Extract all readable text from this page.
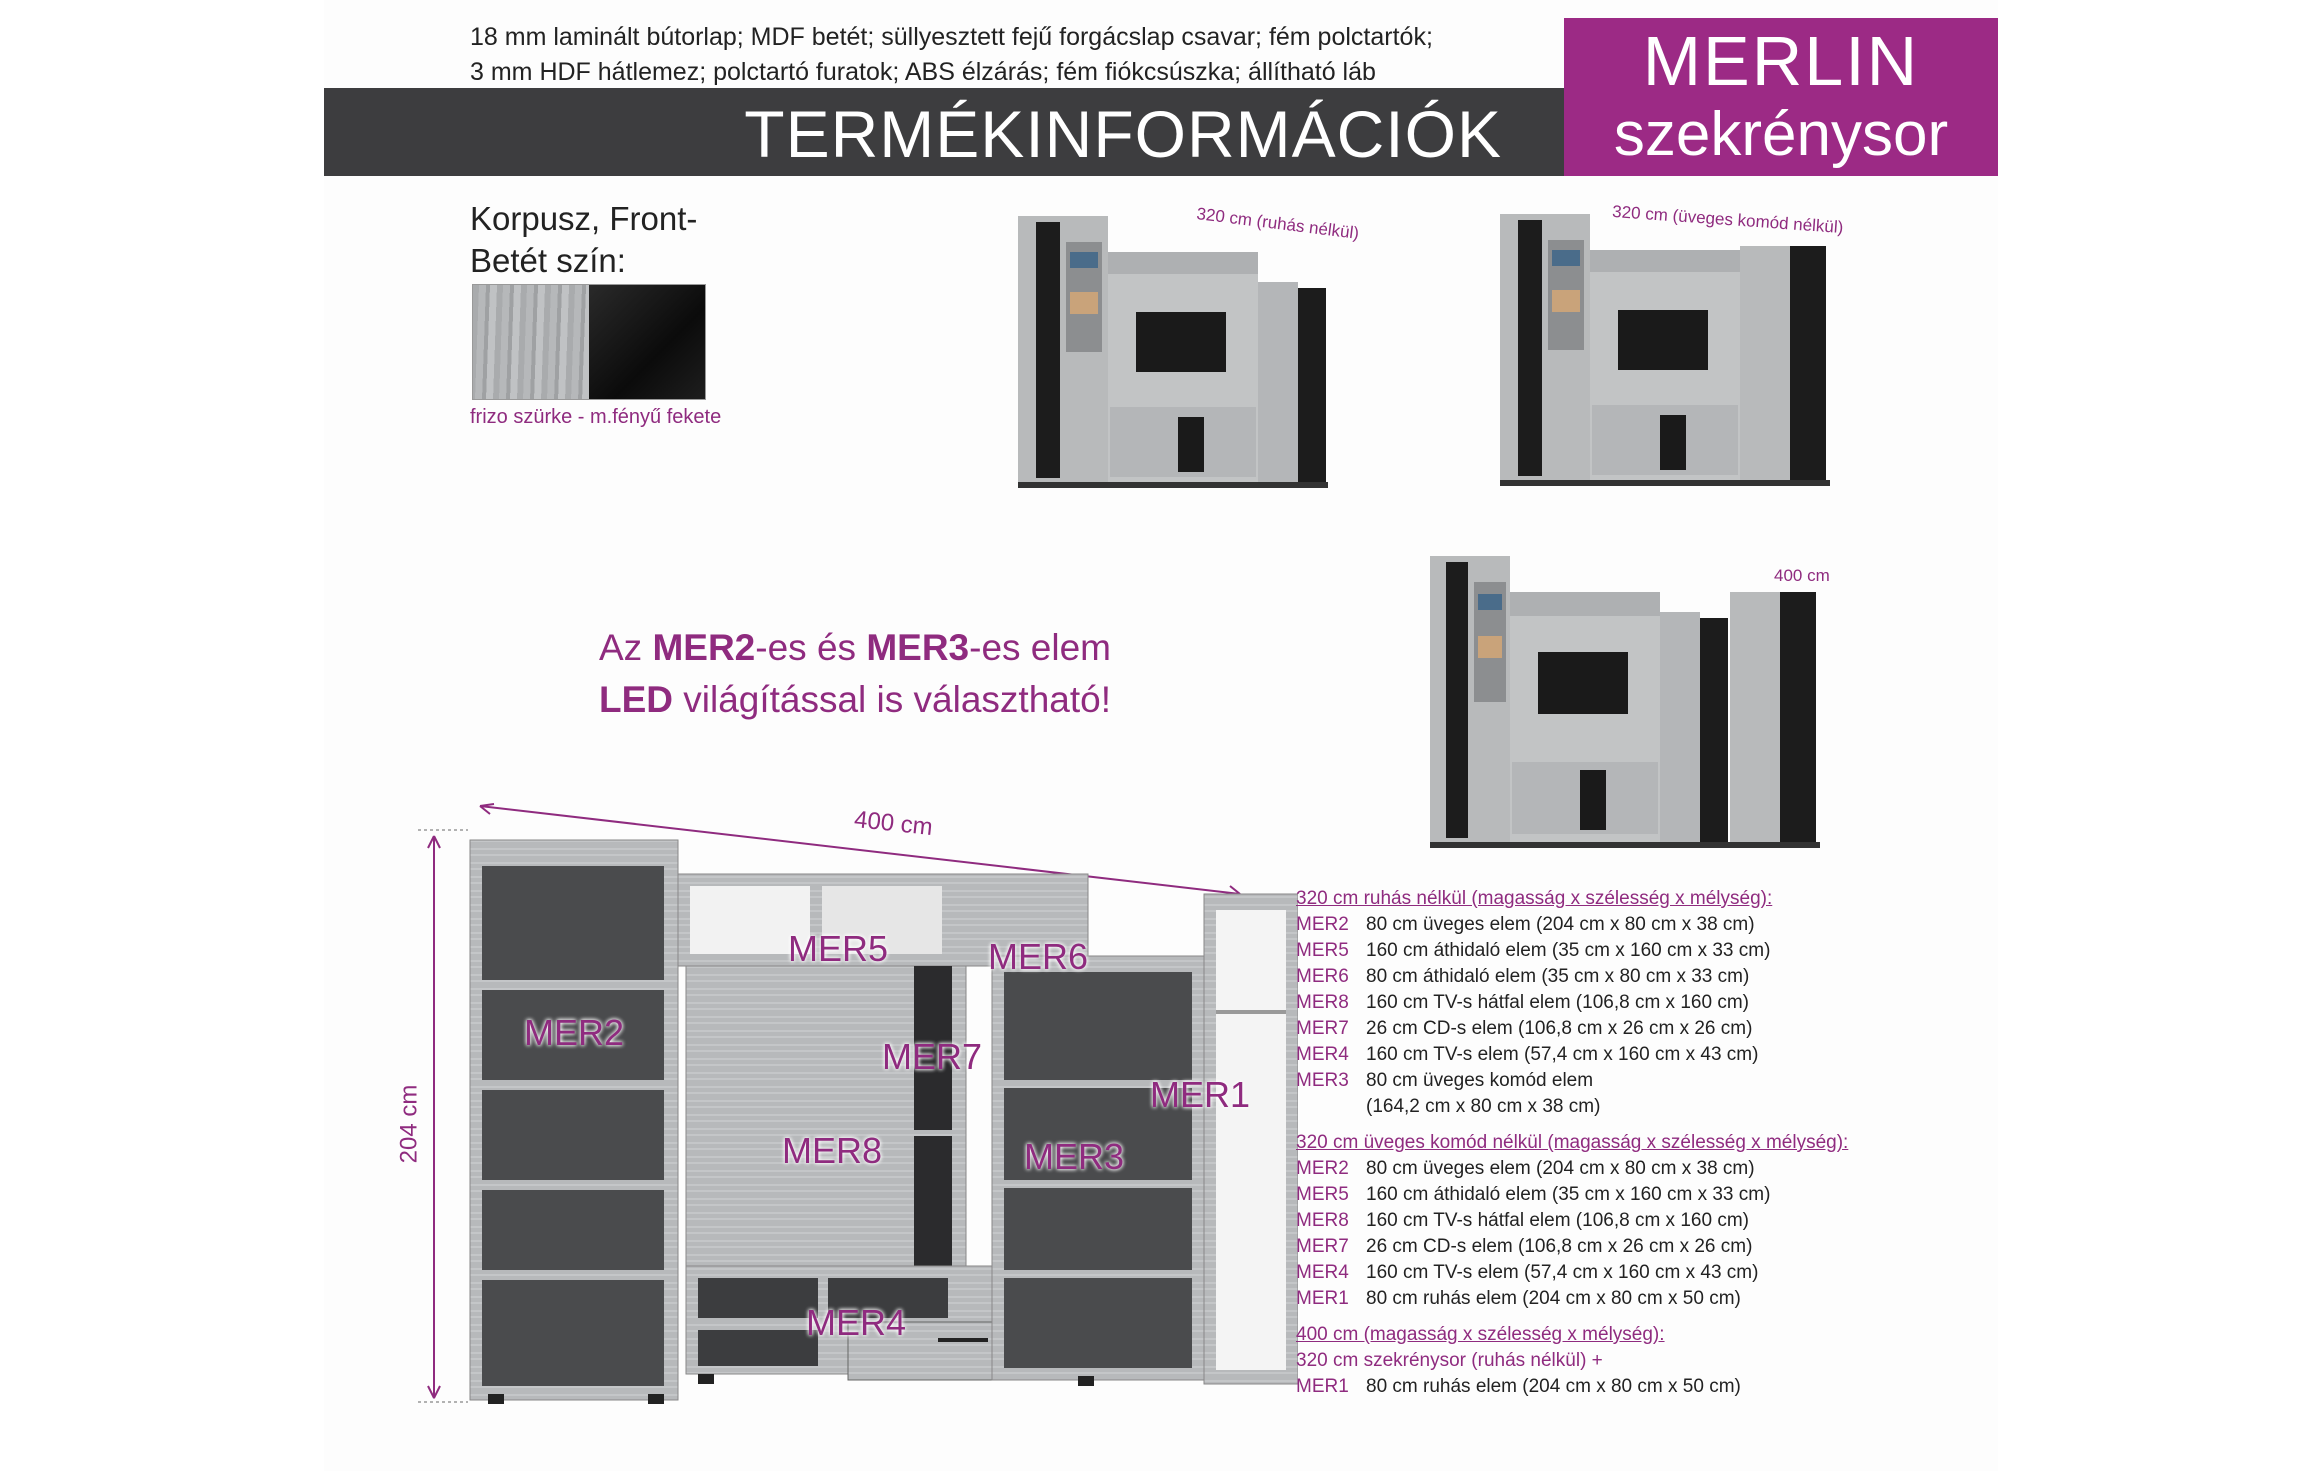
18 mm laminált bútorlap; MDF betét; süllyesztett fejű forgácslap csavar; fém polctartók;
3 mm HDF hátlemez; polctartó furatok; ABS élzárás; fém fiókcsúszka; állítható láb
TERMÉKINFORMÁCIÓK
MERLIN
szekrénysor
Korpusz, Front-
Betét szín:
frizo szürke - m.fényű fekete
320 cm (ruhás nélkül)	320 cm (üveges komód nélkül)
400 cm
Az MER2-es és MER3-es elem
LED világítással is választható!
400 cm
204 cm
MER5	MER6
MER2
MER7
MER1
MER8	MER3
MER4
320 cm ruhás nélkül (magasság x szélesség x mélység):
MER2 80 cm üveges elem (204 cm x 80 cm x 38 cm)
MER5 160 cm áthidaló elem (35 cm x 160 cm x 33 cm)
MER6 80 cm áthidaló elem (35 cm x 80 cm x 33 cm)
MER8 160 cm TV-s hátfal elem (106,8 cm x 160 cm)
MER7 26 cm CD-s elem (106,8 cm x 26 cm x 26 cm)
MER4 160 cm TV-s elem (57,4 cm x 160 cm x 43 cm)
MER3 80 cm üveges komód elem
(164,2 cm x 80 cm x 38 cm)
320 cm üveges komód nélkül (magasság x szélesség x mélység):
MER2 80 cm üveges elem (204 cm x 80 cm x 38 cm)
MER5 160 cm áthidaló elem (35 cm x 160 cm x 33 cm)
MER8 160 cm TV-s hátfal elem (106,8 cm x 160 cm)
MER7 26 cm CD-s elem (106,8 cm x 26 cm x 26 cm)
MER4 160 cm TV-s elem (57,4 cm x 160 cm x 43 cm)
MER1 80 cm ruhás elem (204 cm x 80 cm x 50 cm)
400 cm (magasság x szélesség x mélység):
320 cm szekrénysor (ruhás nélkül) +
MER1 80 cm ruhás elem (204 cm x 80 cm x 50 cm)
